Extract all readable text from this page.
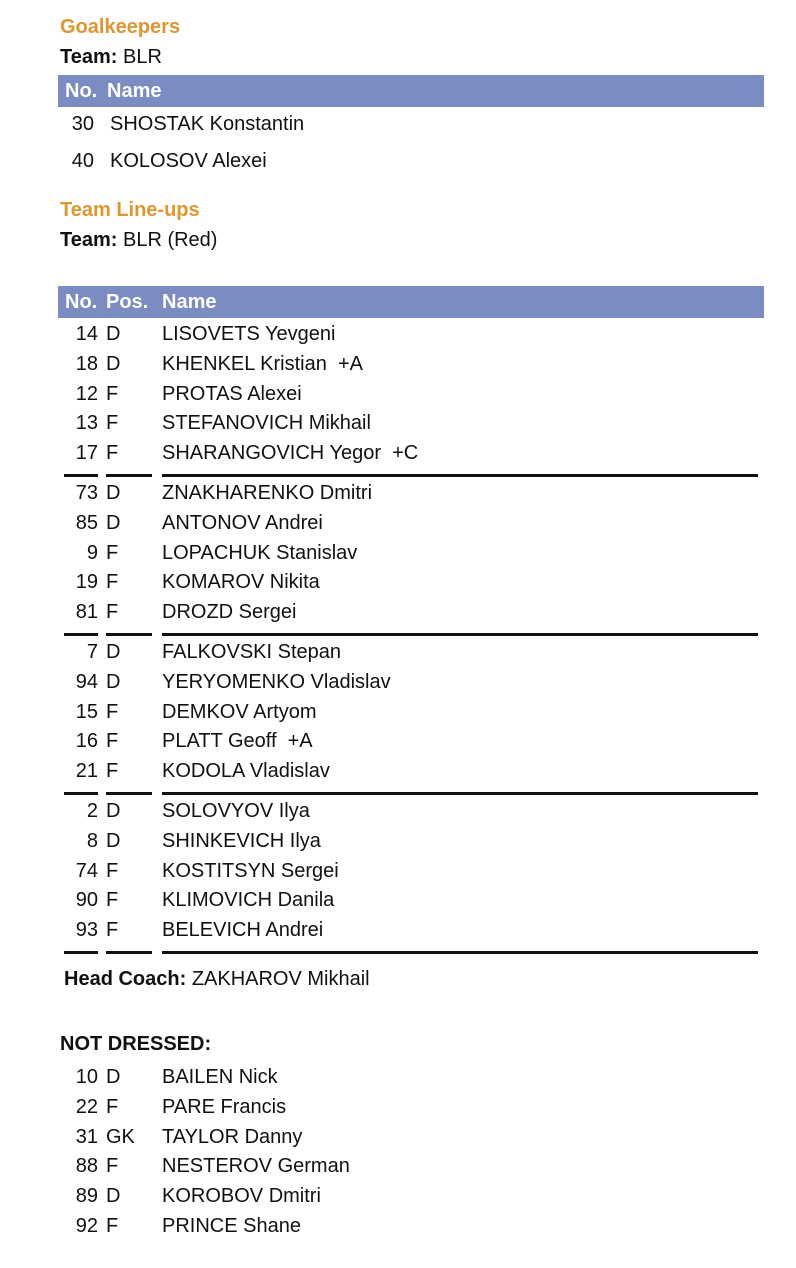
Goalkeepers
Team: BLR
No. Name
30 SHOSTAK Konstantin
40 KOLOSOV Alexei
Team Line-ups
Team: BLR (Red)
No. Pos. Name
14 D LISOVETS Yevgeni
18 D KHENKEL Kristian  +A
12 F PROTAS Alexei
13 F STEFANOVICH Mikhail
17 F SHARANGOVICH Yegor  +C
73 D ZNAKHARENKO Dmitri
85 D ANTONOV Andrei
9 F LOPACHUK Stanislav
19 F KOMAROV Nikita
81 F DROZD Sergei
7 D FALKOVSKI Stepan
94 D YERYOMENKO Vladislav
15 F DEMKOV Artyom
16 F PLATT Geoff  +A
21 F KODOLA Vladislav
2 D SOLOVYOV Ilya
8 D SHINKEVICH Ilya
74 F KOSTITSYN Sergei
90 F KLIMOVICH Danila
93 F BELEVICH Andrei
Head Coach: ZAKHAROV Mikhail
NOT DRESSED:
10 D BAILEN Nick
22 F PARE Francis
31 GK TAYLOR Danny
88 F NESTEROV German
89 D KOROBOV Dmitri
92 F PRINCE Shane
